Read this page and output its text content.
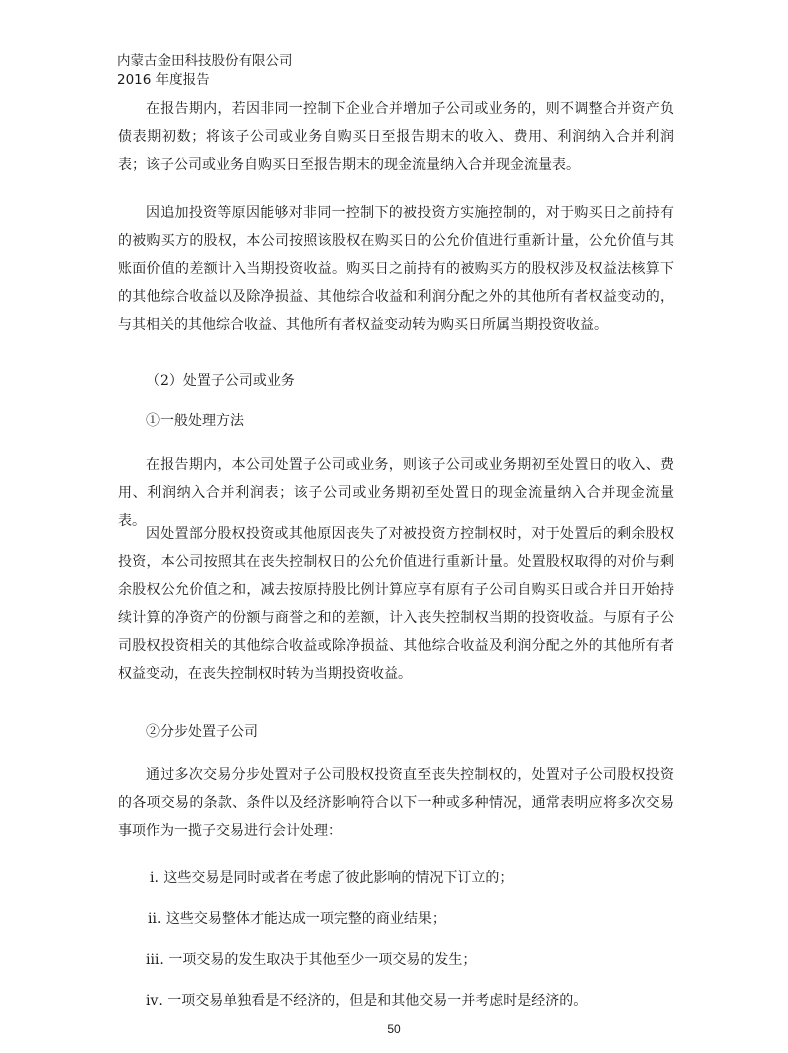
内蒙古金田科技股份有限公司
2016 年度报告

在报告期内，若因非同一控制下企业合并增加子公司或业务的，则不调整合并资产负债表期初数；将该子公司或业务自购买日至报告期末的收入、费用、利润纳入合并利润表；该子公司或业务自购买日至报告期末的现金流量纳入合并现金流量表。

因追加投资等原因能够对非同一控制下的被投资方实施控制的，对于购买日之前持有的被购买方的股权，本公司按照该股权在购买日的公允价值进行重新计量，公允价值与其账面价值的差额计入当期投资收益。购买日之前持有的被购买方的股权涉及权益法核算下的其他综合收益以及除净损益、其他综合收益和利润分配之外的其他所有者权益变动的，与其相关的其他综合收益、其他所有者权益变动转为购买日所属当期投资收益。

（2）处置子公司或业务
①一般处理方法

在报告期内，本公司处置子公司或业务，则该子公司或业务期初至处置日的收入、费用、利润纳入合并利润表；该子公司或业务期初至处置日的现金流量纳入合并现金流量表。

因处置部分股权投资或其他原因丧失了对被投资方控制权时，对于处置后的剩余股权投资，本公司按照其在丧失控制权日的公允价值进行重新计量。处置股权取得的对价与剩余股权公允价值之和，减去按原持股比例计算应享有原有子公司自购买日或合并日开始持续计算的净资产的份额与商誉之和的差额，计入丧失控制权当期的投资收益。与原有子公司股权投资相关的其他综合收益或除净损益、其他综合收益及利润分配之外的其他所有者权益变动，在丧失控制权时转为当期投资收益。

②分步处置子公司

通过多次交易分步处置对子公司股权投资直至丧失控制权的，处置对子公司股权投资的各项交易的条款、条件以及经济影响符合以下一种或多种情况，通常表明应将多次交易事项作为一揽子交易进行会计处理：

ⅰ. 这些交易是同时或者在考虑了彼此影响的情况下订立的；
ⅱ. 这些交易整体才能达成一项完整的商业结果；
ⅲ. 一项交易的发生取决于其他至少一项交易的发生；
ⅳ. 一项交易单独看是不经济的，但是和其他交易一并考虑时是经济的。
50
